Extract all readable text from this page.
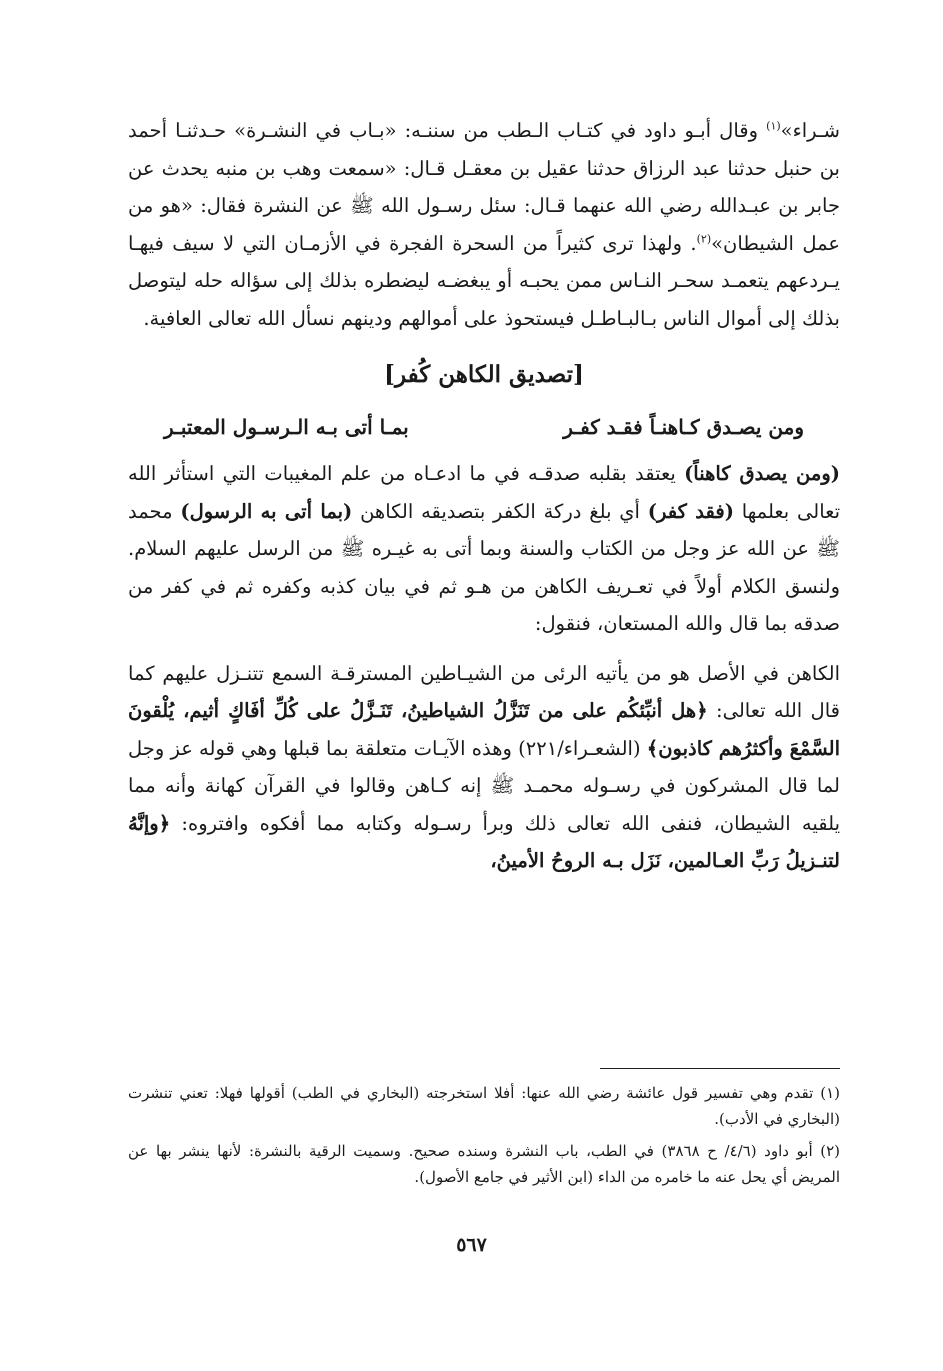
شـراء»$^{(١)}$ وقال أبـو داود في كتـاب الـطب من سننـه: «بـاب في النشـرة» حـدثنـا أحمد بن حنبل حدثنا عبد الرزاق حدثنا عقيل بن معقـل قـال: «سمعت وهب بن منبه يحدث عن جابر بن عبـدالله رضي الله عنهما قـال: سئل رسـول الله ﷺ عن النشرة فقال: «هو من عمل الشيطان»$^{(٢)}$. ولهذا ترى كثيراً من السحرة الفجرة في الأزمـان التي لا سيف فيهـا يـردعهم يتعمـد سحـر النـاس ممن يحبـه أو يبغضـه ليضطره بذلك إلى سؤاله حله ليتوصل بذلك إلى أموال الناس بـالبـاطـل فيستحوذ على أموالهم ودينهم نسأل الله تعالى العافية.

[تصديق الكاهن كُفر]
ومن يصـدق كـاهنـاً فقـد كفـر
بمـا أتى بـه الـرسـول المعتبـر

(ومن يصدق كاهناً) يعتقد بقلبه صدقـه في ما ادعـاه من علم المغيبات التي استأثر الله تعالى بعلمها (فقد كفر) أي بلغ دركة الكفر بتصديقه الكاهن (بما أتى به الرسول) محمد ﷺ عن الله عز وجل من الكتاب والسنة وبما أتى به غيـره ﷺ من الرسل عليهم السلام. ولنسق الكلام أولاً في تعـريف الكاهن من هـو ثم في بيان كذبه وكفره ثم في كفر من صدقه بما قال والله المستعان، فنقول:

الكاهن في الأصل هو من يأتيه الرئى من الشيـاطين المسترقـة السمع تتنـزل عليهم كما قال الله تعالى: ﴿هل أنبِّئكُم على من تَنَزَّلُ الشياطينُ، تَنَـزَّلُ على كُلِّ أفَاكٍ أثيم، يُلْقونَ السَّمْعَ وأكثرُهم كاذبون﴾ (الشعـراء/٢٢١) وهذه الآيـات متعلقة بما قبلها وهي قوله عز وجل لما قال المشركون في رسـوله محمـد ﷺ إنه كـاهن وقالوا في القرآن كهانة وأنه مما يلقيه الشيطان، فنفى الله تعالى ذلك وبرأ رسـوله وكتابه مما أفكوه وافتروه: ﴿وإنَّهُ لتنـزيلُ رَبِّ العـالمين، نَزَل بـه الروحُ الأمينُ،

(١) تقدم وهي تفسير قول عائشة رضي الله عنها: أفلا استخرجته (البخاري في الطب) أقولها فهلا: تعني تنشرت (البخاري في الأدب).

(٢) أبو داود (٤/٦/ ح ٣٨٦٨) في الطب، باب النشرة وسنده صحيح. وسميت الرقية بالنشرة: لأنها ينشر بها عن المريض أي يحل عنه ما خامره من الداء (ابن الأثير في جامع الأصول).

٥٦٧
